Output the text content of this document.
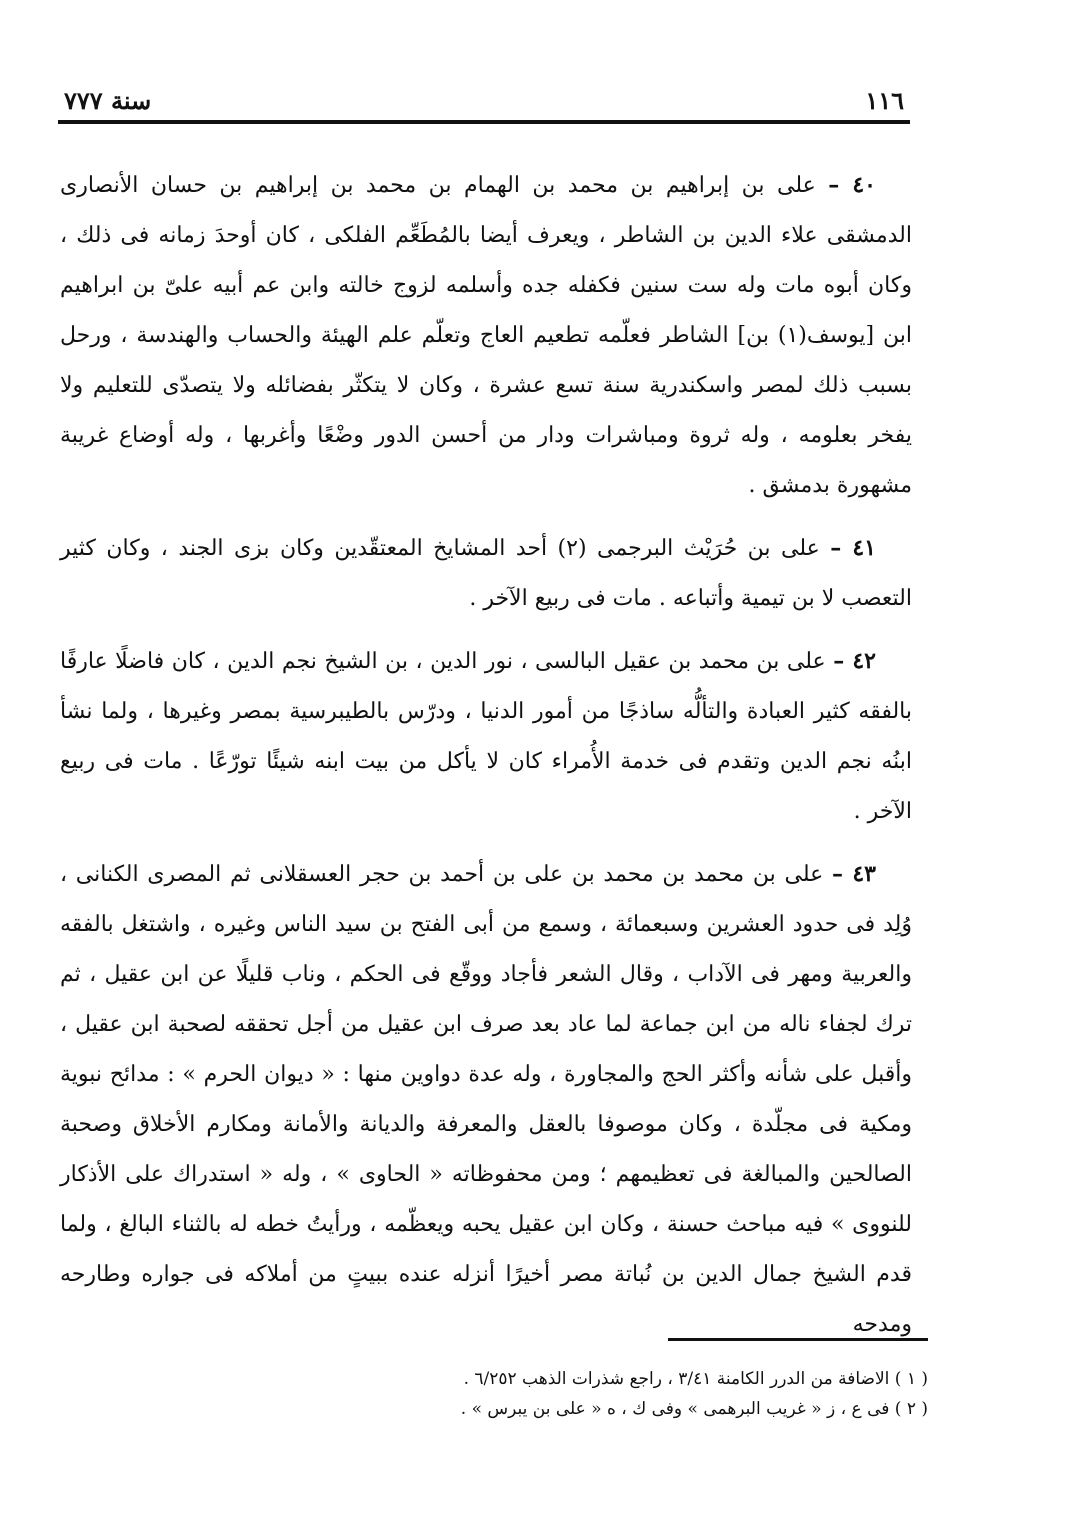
١١٦
سنة ٧٧٧

٤٠ – على بن إبراهيم بن محمد بن الهمام بن محمد بن إبراهيم بن حسان الأنصارى الدمشقى علاء الدين بن الشاطر ، ويعرف أيضا بالمُطَعِّم الفلكى ، كان أوحدَ زمانه فى ذلك ، وكان أبوه مات وله ست سنين فكفله جده وأسلمه لزوج خالته وابن عم أبيه علىّ بن ابراهيم ابن [يوسف(١) بن] الشاطر فعلّمه تطعيم العاج وتعلّم علم الهيئة والحساب والهندسة ، ورحل بسبب ذلك لمصر واسكندرية سنة تسع عشرة ، وكان لا يتكثّر بفضائله ولا يتصدّى للتعليم ولا يفخر بعلومه ، وله ثروة ومباشرات ودار من أحسن الدور وضْعًا وأغربها ، وله أوضاع غريبة مشهورة بدمشق .

٤١ – على بن حُرَيْث البرجمى (٢) أحد المشايخ المعتقّدين وكان بزى الجند ، وكان كثير التعصب لا بن تيمية وأتباعه . مات فى ربيع الآخر .

٤٢ – على بن محمد بن عقيل البالسى ، نور الدين ، بن الشيخ نجم الدين ، كان فاضلًا عارفًا بالفقه كثير العبادة والتألُّه ساذجًا من أمور الدنيا ، ودرّس بالطيبرسية بمصر وغيرها ، ولما نشأ ابنُه نجم الدين وتقدم فى خدمة الأُمراء كان لا يأكل من بيت ابنه شيئًا تورّعًا . مات فى ربيع الآخر .

٤٣ – على بن محمد بن محمد بن على بن أحمد بن حجر العسقلانى ثم المصرى الكنانى ، وُلِد فى حدود العشرين وسبعمائة ، وسمع من أبى الفتح بن سيد الناس وغيره ، واشتغل بالفقه والعربية ومهر فى الآداب ، وقال الشعر فأجاد ووقّع فى الحكم ، وناب قليلًا عن ابن عقيل ، ثم ترك لجفاء ناله من ابن جماعة لما عاد بعد صرف ابن عقيل من أجل تحققه لصحبة ابن عقيل ، وأقبل على شأنه وأكثر الحج والمجاورة ، وله عدة دواوين منها : « ديوان الحرم » : مدائح نبوية ومكية فى مجلّدة ، وكان موصوفا بالعقل والمعرفة والديانة والأمانة ومكارم الأخلاق وصحبة الصالحين والمبالغة فى تعظيمهم ؛ ومن محفوظاته « الحاوى » ، وله « استدراك على الأذكار للنووى » فيه مباحث حسنة ، وكان ابن عقيل يحبه ويعظّمه ، ورأيتُ خطه له بالثناء البالغ ، ولما قدم الشيخ جمال الدين بن نُباتة مصر أخيرًا أنزله عنده ببيتٍ من أملاكه فى جواره وطارحه ومدحه

( ١ ) الاضافة من الدرر الكامنة ٣/٤١ ، راجع شذرات الذهب ٦/٢٥٢ .

( ٢ ) فى ع ، ز « غريب البرهمى » وفى ك ، ه « على بن يبرس » .
